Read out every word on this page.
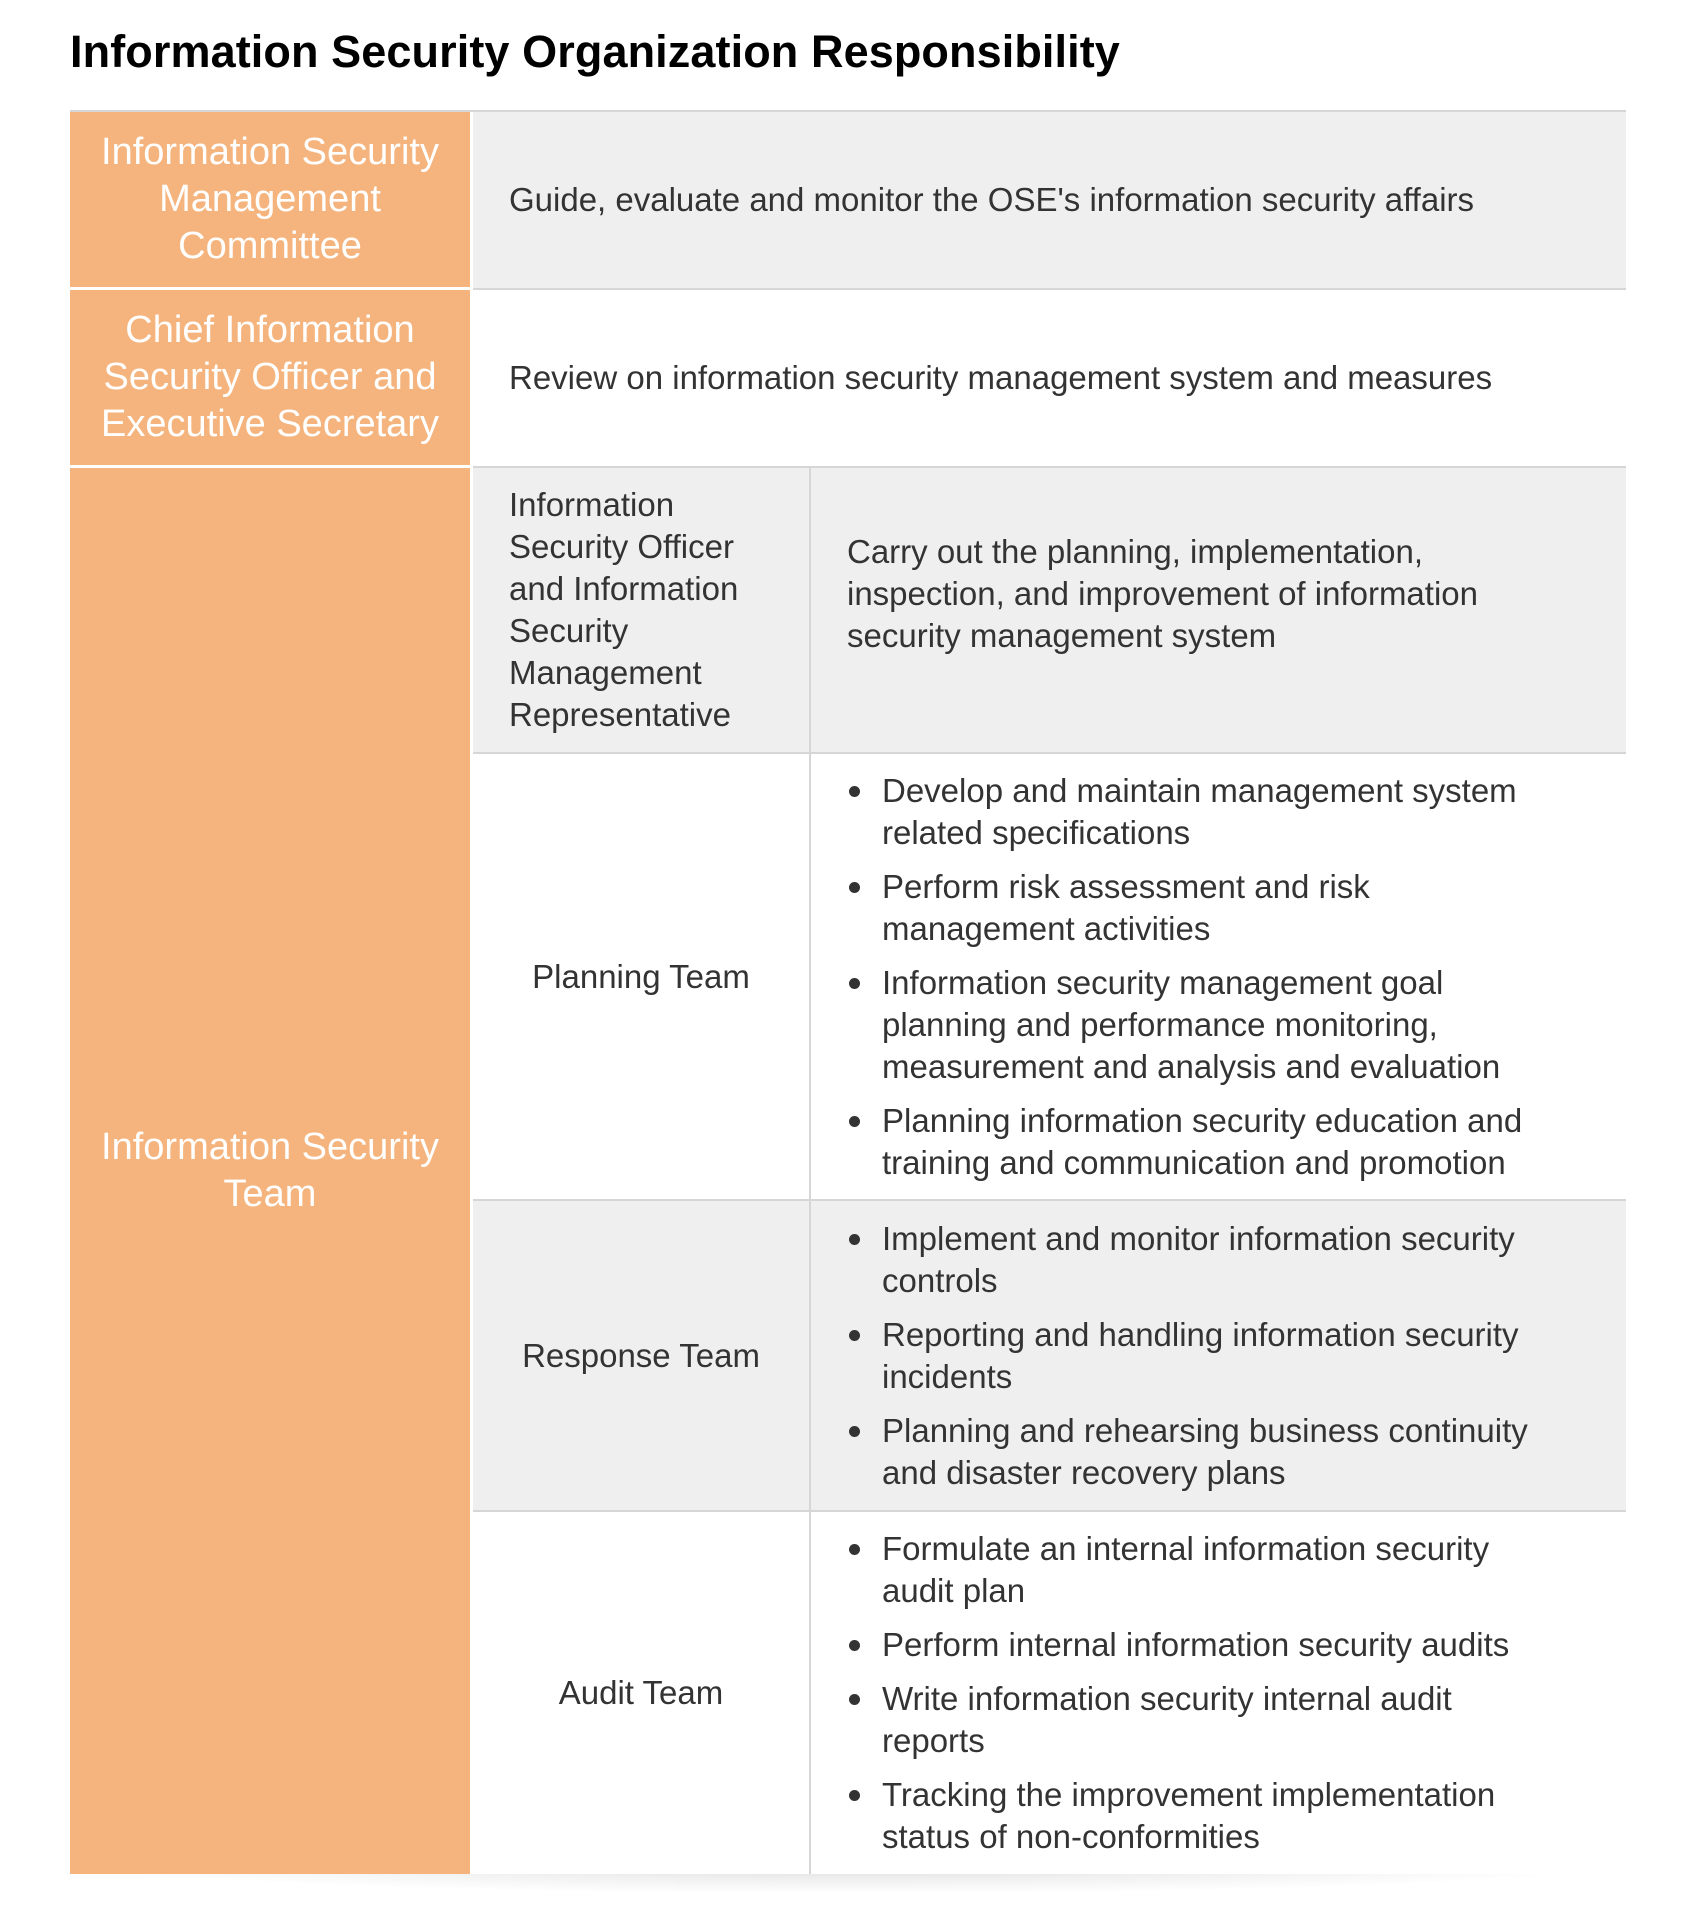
Information Security Organization Responsibility
Information Security
Management
Committee
Guide, evaluate and monitor the OSE's information security affairs
Chief Information
Security Officer and
Executive Secretary
Review on information security management system and measures
Information Security
Team
Information
Security Officer
and Information
Security
Management
Representative
Carry out the planning, implementation,
inspection, and improvement of information
security management system
Planning Team
Develop and maintain management system
related specifications
Perform risk assessment and risk
management activities
Information security management goal
planning and performance monitoring,
measurement and analysis and evaluation
Planning information security education and
training and communication and promotion
Response Team
Implement and monitor information security
controls
Reporting and handling information security
incidents
Planning and rehearsing business continuity
and disaster recovery plans
Audit Team
Formulate an internal information security
audit plan
Perform internal information security audits
Write information security internal audit
reports
Tracking the improvement implementation
status of non-conformities
